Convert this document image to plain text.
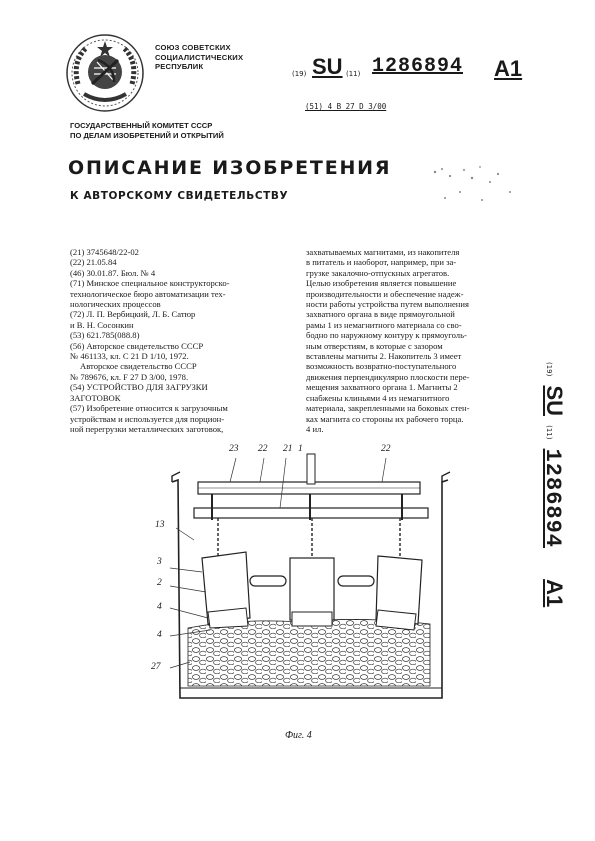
СОЮЗ СОВЕТСКИХ
СОЦИАЛИСТИЧЕСКИХ
РЕСПУБЛИК
(19) SU (11) 1286894 A1
(51) 4 B 27 D 3/00
ГОСУДАРСТВЕННЫЙ КОМИТЕТ СССР
ПО ДЕЛАМ ИЗОБРЕТЕНИЙ И ОТКРЫТИЙ
ОПИСАНИЕ ИЗОБРЕТЕНИЯ
К АВТОРСКОМУ СВИДЕТЕЛЬСТВУ
(21) 3745648/22-02
(22) 21.05.84
(46) 30.01.87. Бюл. № 4
(71) Минское специальное конструкторско-
технологическое бюро автоматизации тех-
нологических процессов
(72) Л. П. Вербицкий, Л. Б. Сатюр
и В. Н. Сосонкин
(53) 621.785(088.8)
(56) Авторское свидетельство СССР
№ 461133, кл. С 21 D 1/10, 1972.
Авторское свидетельство СССР
№ 789676, кл. F 27 D 3/00, 1978.
(54) УСТРОЙСТВО ДЛЯ ЗАГРУЗКИ
ЗАГОТОВОК
(57) Изобретение относится к загрузочным
устройствам и используется для порцион-
ной перегрузки металлических заготовок,
захватываемых магнитами, из накопителя
в питатель и наоборот, например, при за-
грузке закалочно-отпускных агрегатов.
Целью изобретения является повышение
производительности и обеспечение надеж-
ности работы устройства путем выполнения
захватного органа в виде прямоугольной
рамы 1 из немагнитного материала со сво-
бодно по наружному контуру к прямоуголь-
ным отверстиям, в которые с зазором
вставлены магниты 2. Накопитель 3 имеет
возможность возвратно-поступательного
движения перпендикулярно плоскости пере-
мещения захватного органа 1. Магниты 2
снабжены клиньями 4 из немагнитного
материала, закрепленными на боковых стен-
ках магнита со стороны их рабочего торца.
4 ил.
23 22 21 1	22
13
3
2
4
4
27
Фиг. 4
(19) SU (11) 1286894 A1
